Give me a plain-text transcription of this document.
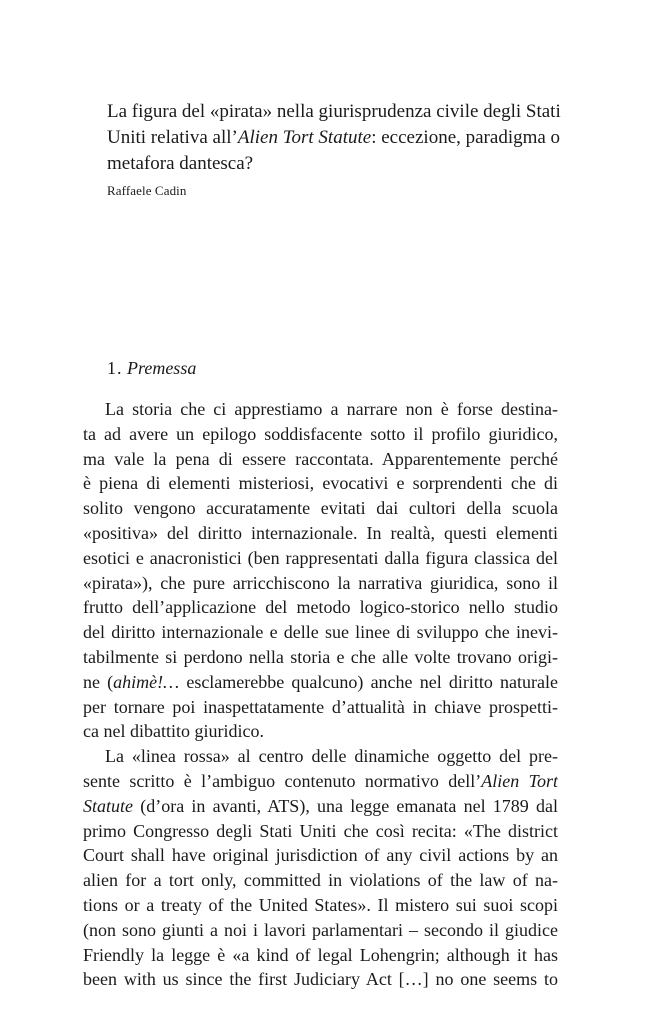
La figura del «pirata» nella giurisprudenza civile degli Stati Uniti relativa all’Alien Tort Statute: eccezione, paradigma o metafora dantesca?
Raffaele Cadin
1. Premessa
La storia che ci apprestiamo a narrare non è forse destina-
ta ad avere un epilogo soddisfacente sotto il profilo giuridico,
ma vale la pena di essere raccontata. Apparentemente perché
è piena di elementi misteriosi, evocativi e sorprendenti che di
solito vengono accuratamente evitati dai cultori della scuola
«positiva» del diritto internazionale. In realtà, questi elementi
esotici e anacronistici (ben rappresentati dalla figura classica del
«pirata»), che pure arricchiscono la narrativa giuridica, sono il
frutto dell’applicazione del metodo logico-storico nello studio
del diritto internazionale e delle sue linee di sviluppo che inevi-
tabilmente si perdono nella storia e che alle volte trovano origi-
ne (ahimè!… esclamerebbe qualcuno) anche nel diritto naturale
per tornare poi inaspettatamente d’attualità in chiave prospetti-
ca nel dibattito giuridico.
La «linea rossa» al centro delle dinamiche oggetto del pre-
sente scritto è l’ambiguo contenuto normativo dell’Alien Tort
Statute (d’ora in avanti, ATS), una legge emanata nel 1789 dal
primo Congresso degli Stati Uniti che così recita: «The district
Court shall have original jurisdiction of any civil actions by an
alien for a tort only, committed in violations of the law of na-
tions or a treaty of the United States». Il mistero sui suoi scopi
(non sono giunti a noi i lavori parlamentari – secondo il giudice
Friendly la legge è «a kind of legal Lohengrin; although it has
been with us since the first Judiciary Act […] no one seems to
